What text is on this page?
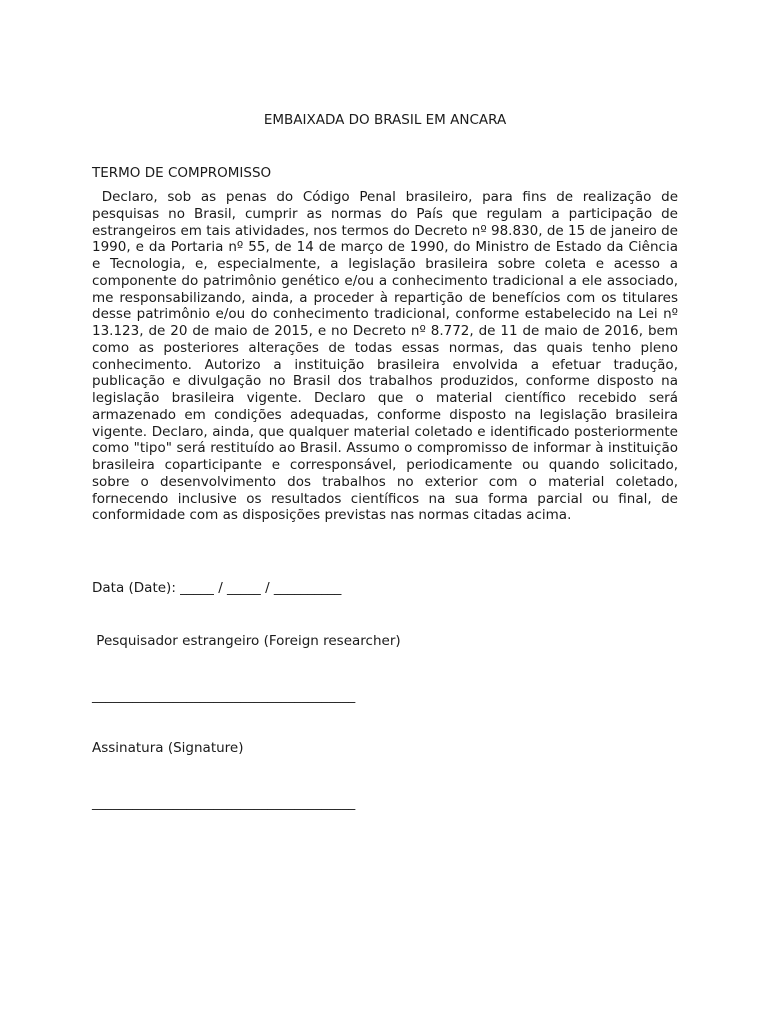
EMBAIXADA DO BRASIL EM ANCARA
TERMO DE COMPROMISSO

Declaro, sob as penas do Código Penal brasileiro, para fins de realização de pesquisas no Brasil, cumprir as normas do País que regulam a participação de estrangeiros em tais atividades, nos termos do Decreto nº 98.830, de 15 de janeiro de 1990, e da Portaria nº 55, de 14 de março de 1990, do Ministro de Estado da Ciência e Tecnologia, e, especialmente, a legislação brasileira sobre coleta e acesso a componente do patrimônio genético e/ou a conhecimento tradicional a ele associado, me responsabilizando, ainda, a proceder à repartição de benefícios com os titulares desse patrimônio e/ou do conhecimento tradicional, conforme estabelecido na Lei nº 13.123, de 20 de maio de 2015, e no Decreto nº 8.772, de 11 de maio de 2016, bem como as posteriores alterações de todas essas normas, das quais tenho pleno conhecimento. Autorizo a instituição brasileira envolvida a efetuar tradução, publicação e divulgação no Brasil dos trabalhos produzidos, conforme disposto na legislação brasileira vigente. Declaro que o material científico recebido será armazenado em condições adequadas, conforme disposto na legislação brasileira vigente. Declaro, ainda, que qualquer material coletado e identificado posteriormente como "tipo" será restituído ao Brasil. Assumo o compromisso de informar à instituição brasileira coparticipante e corresponsável, periodicamente ou quando solicitado, sobre o desenvolvimento dos trabalhos no exterior com o material coletado, fornecendo inclusive os resultados científicos na sua forma parcial ou final, de conformidade com as disposições previstas nas normas citadas acima.

Data (Date): _____ / _____ / __________
Pesquisador estrangeiro (Foreign researcher)
_______________________________________
Assinatura (Signature)
_______________________________________
